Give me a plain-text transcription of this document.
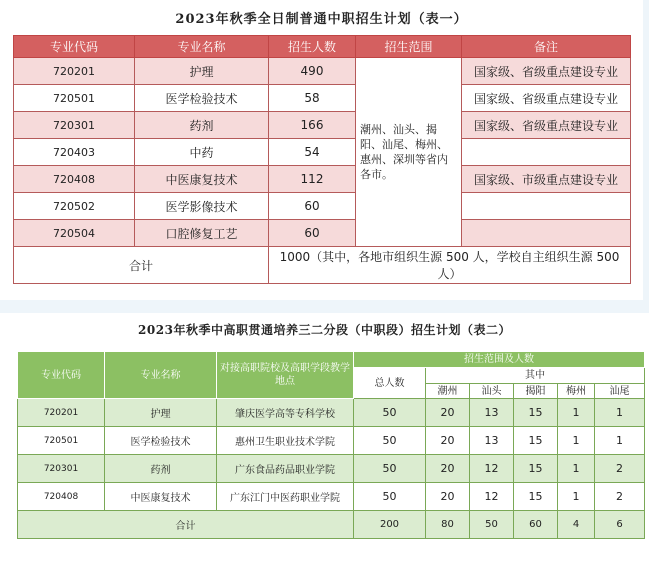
2023年秋季全日制普通中职招生计划（表一）
专业代码	专业名称	招生人数	招生范围	备注
720201	护理	490	潮州、汕头、揭阳、汕尾、梅州、惠州、深圳等省内各市。	国家级、省级重点建设专业
720501	医学检验技术	58		国家级、省级重点建设专业
720301	药剂	166		国家级、省级重点建设专业
720403	中药	54		
720408	中医康复技术	112		国家级、市级重点建设专业
720502	医学影像技术	60		
720504	口腔修复工艺	60		
合计		1000（其中，各地市组织生源 500 人，学校自主组织生源 500 人）		
2023年秋季中高职贯通培养三二分段（中职段）招生计划（表二）
专业代码	专业名称	对接高职院校及高职学段教学地点	招生范围及人数					
			总人数	其中				
				潮州	汕头	揭阳	梅州	汕尾
720201	护理	肇庆医学高等专科学校	50	20	13	15	1	1
720501	医学检验技术	惠州卫生职业技术学院	50	20	13	15	1	1
720301	药剂	广东食品药品职业学院	50	20	12	15	1	2
720408	中医康复技术	广东江门中医药职业学院	50	20	12	15	1	2
合计			200	80	50	60	4	6
